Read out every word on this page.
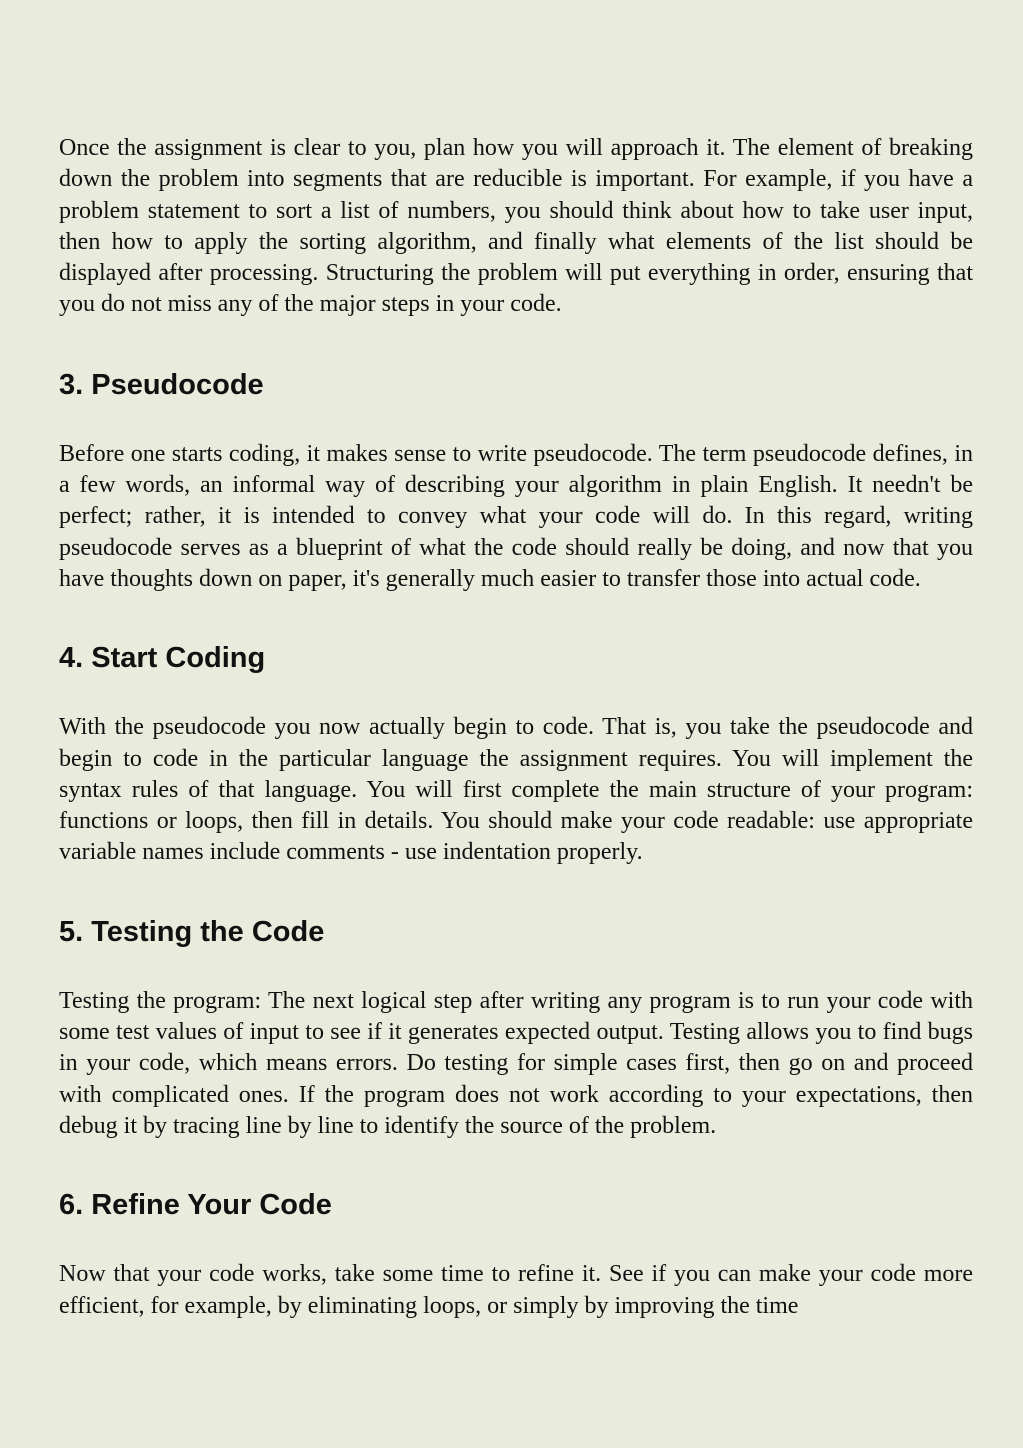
Once the assignment is clear to you, plan how you will approach it. The element of breaking down the problem into segments that are reducible is important. For example, if you have a problem statement to sort a list of numbers, you should think about how to take user input, then how to apply the sorting algorithm, and finally what elements of the list should be displayed after processing. Structuring the problem will put everything in order, ensuring that you do not miss any of the major steps in your code.

3. Pseudocode

Before one starts coding, it makes sense to write pseudocode. The term pseudocode defines, in a few words, an informal way of describing your algorithm in plain English. It needn't be perfect; rather, it is intended to convey what your code will do. In this regard, writing pseudocode serves as a blueprint of what the code should really be doing, and now that you have thoughts down on paper, it's generally much easier to transfer those into actual code.

4. Start Coding

With the pseudocode you now actually begin to code. That is, you take the pseudocode and begin to code in the particular language the assignment requires. You will implement the syntax rules of that language. You will first complete the main structure of your program: functions or loops, then fill in details. You should make your code readable: use appropriate variable names include comments - use indentation properly.

5. Testing the Code

Testing the program: The next logical step after writing any program is to run your code with some test values of input to see if it generates expected output. Testing allows you to find bugs in your code, which means errors. Do testing for simple cases first, then go on and proceed with complicated ones. If the program does not work according to your expectations, then debug it by tracing line by line to identify the source of the problem.

6. Refine Your Code

Now that your code works, take some time to refine it. See if you can make your code more efficient, for example, by eliminating loops, or simply by improving the time
